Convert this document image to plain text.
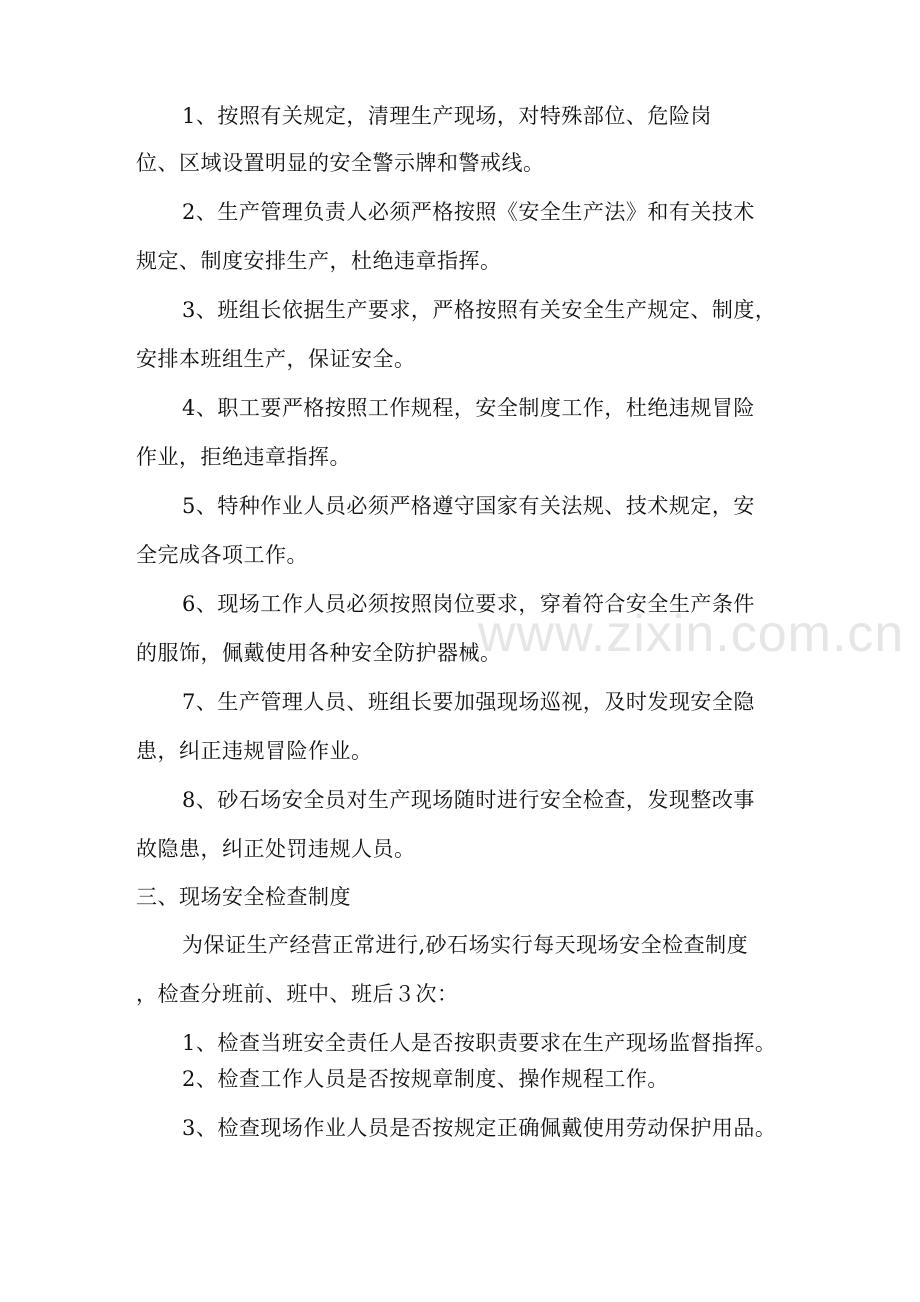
www.zixin.com.cn
1、按照有关规定，清理生产现场，对特殊部位、危险岗
位、区域设置明显的安全警示牌和警戒线。
2、生产管理负责人必须严格按照《安全生产法》和有关技术
规定、制度安排生产，杜绝违章指挥。
3、班组长依据生产要求，严格按照有关安全生产规定、制度，
安排本班组生产，保证安全。
4、职工要严格按照工作规程，安全制度工作，杜绝违规冒险
作业，拒绝违章指挥。
5、特种作业人员必须严格遵守国家有关法规、技术规定，安
全完成各项工作。
6、现场工作人员必须按照岗位要求，穿着符合安全生产条件
的服饰，佩戴使用各种安全防护器械。
7、生产管理人员、班组长要加强现场巡视，及时发现安全隐
患，纠正违规冒险作业。
8、砂石场安全员对生产现场随时进行安全检查，发现整改事
故隐患，纠正处罚违规人员。
三、现场安全检查制度
为保证生产经营正常进行,砂石场实行每天现场安全检查制度
，检查分班前、班中、班后３次：
1、检查当班安全责任人是否按职责要求在生产现场监督指挥。
2、检查工作人员是否按规章制度、操作规程工作。
3、检查现场作业人员是否按规定正确佩戴使用劳动保护用品。
